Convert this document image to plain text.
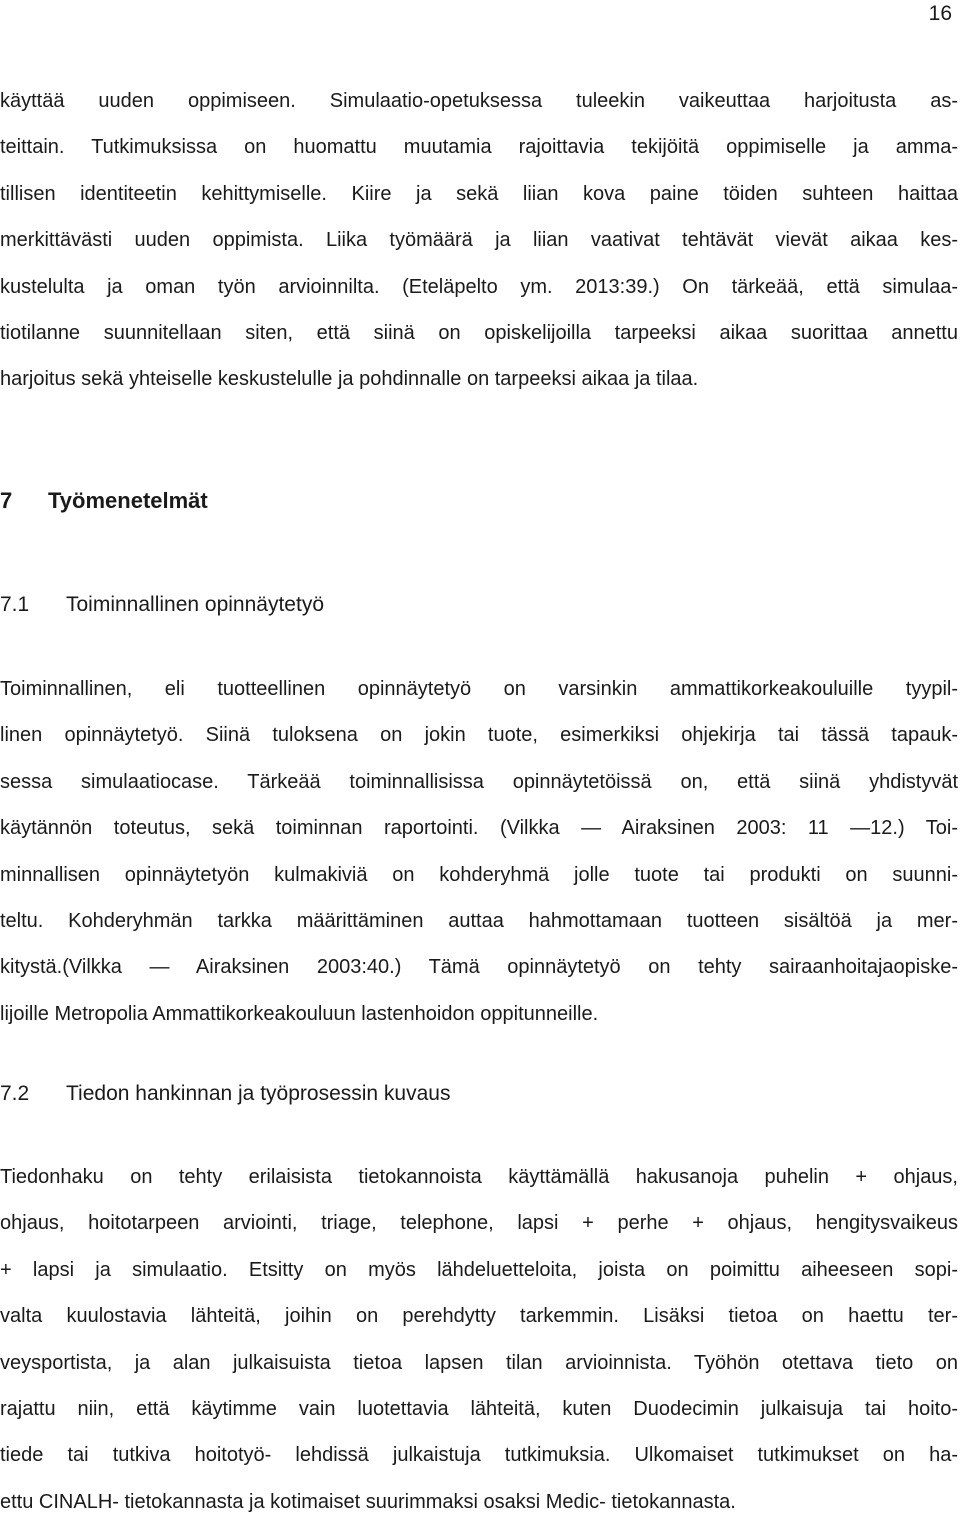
16
käyttää uuden oppimiseen. Simulaatio-opetuksessa tuleekin vaikeuttaa harjoitusta as-
teittain. Tutkimuksissa on huomattu muutamia rajoittavia tekijöitä oppimiselle ja amma-
tillisen identiteetin kehittymiselle. Kiire ja sekä liian kova paine töiden suhteen haittaa
merkittävästi uuden oppimista. Liika työmäärä ja liian vaativat tehtävät vievät aikaa kes-
kustelulta ja oman työn arvioinnilta. (Eteläpelto ym. 2013:39.) On tärkeää, että simulaa-
tiotilanne suunnitellaan siten, että siinä on opiskelijoilla tarpeeksi aikaa suorittaa annettu
harjoitus sekä yhteiselle keskustelulle ja pohdinnalle on tarpeeksi aikaa ja tilaa.
7 Työmenetelmät
7.1 Toiminnallinen opinnäytetyö
Toiminnallinen, eli tuotteellinen opinnäytetyö on varsinkin ammattikorkeakouluille tyypil-
linen opinnäytetyö. Siinä tuloksena on jokin tuote, esimerkiksi ohjekirja tai tässä tapauk-
sessa simulaatiocase. Tärkeää toiminnallisissa opinnäytetöissä on, että siinä yhdistyvät
käytännön toteutus, sekä toiminnan raportointi. (Vilkka — Airaksinen 2003: 11 —12.) Toi-
minnallisen opinnäytetyön kulmakiviä on kohderyhmä jolle tuote tai produkti on suunni-
teltu. Kohderyhmän tarkka määrittäminen auttaa hahmottamaan tuotteen sisältöä ja mer-
kitystä.(Vilkka — Airaksinen 2003:40.) Tämä opinnäytetyö on tehty sairaanhoitajaopiske-
lijoille Metropolia Ammattikorkeakouluun lastenhoidon oppitunneille.
7.2 Tiedon hankinnan ja työprosessin kuvaus
Tiedonhaku on tehty erilaisista tietokannoista käyttämällä hakusanoja puhelin + ohjaus,
ohjaus, hoitotarpeen arviointi, triage, telephone, lapsi + perhe + ohjaus, hengitysvaikeus
+ lapsi ja simulaatio. Etsitty on myös lähdeluetteloita, joista on poimittu aiheeseen sopi-
valta kuulostavia lähteitä, joihin on perehdytty tarkemmin. Lisäksi tietoa on haettu ter-
veysportista, ja alan julkaisuista tietoa lapsen tilan arvioinnista. Työhön otettava tieto on
rajattu niin, että käytimme vain luotettavia lähteitä, kuten Duodecimin julkaisuja tai hoito-
tiede tai tutkiva hoitotyö- lehdissä julkaistuja tutkimuksia. Ulkomaiset tutkimukset on ha-
ettu CINALH- tietokannasta ja kotimaiset suurimmaksi osaksi Medic- tietokannasta.
